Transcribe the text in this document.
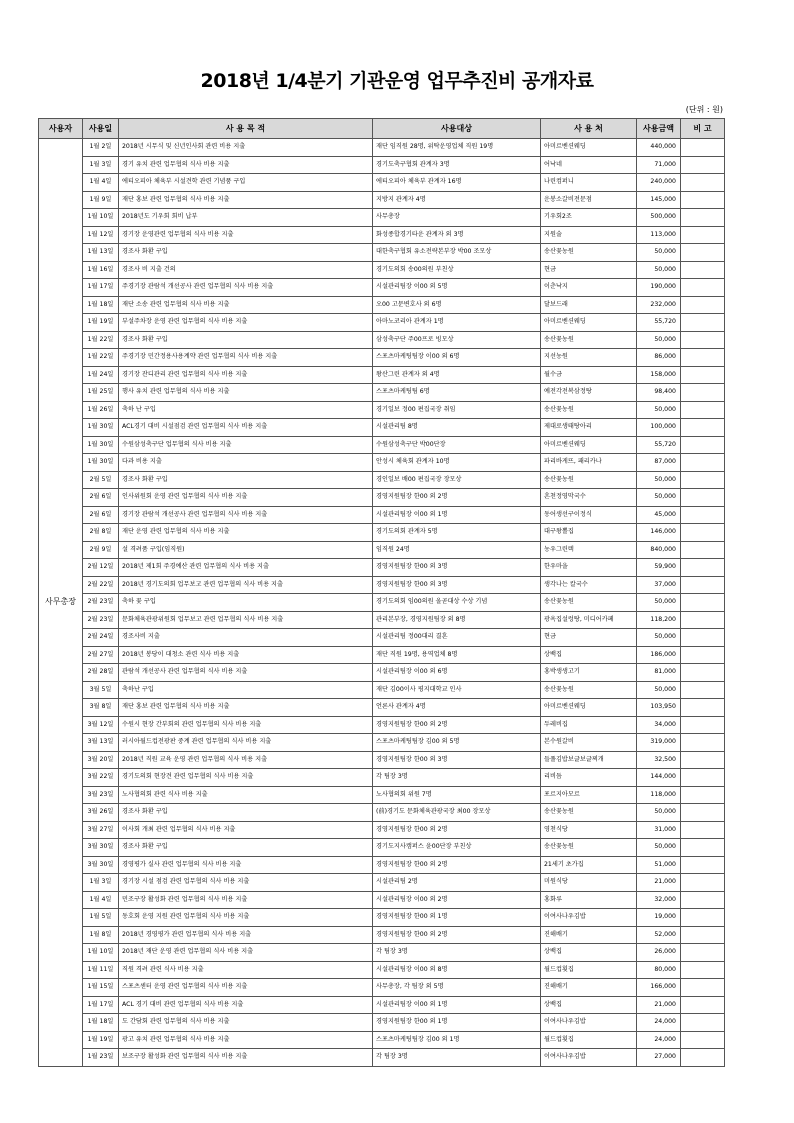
2018년 1/4분기 기관운영 업무추진비 공개자료
(단위 : 원)
사용자	사용일	사 용 목 적	사용대상	사 용 처	사용금액	비 고
사무총장	1월 2일	2018년 시무식 및 신년인사회 관련 비용 지출	재단 임직원 28명, 위탁운영업체 직원 19명	아미르벤션웨딩	440,000	
	1월 3일	경기 유치 관련 업무협의 식사 비용 지출	경기도축구협회 관계자 3명	어낙네	71,000	
	1월 4일	에티오피아 체육부 시설견학 관련 기념품 구입	에티오피아 체육부 관계자 16명	나린컴퍼니	240,000	
	1월 9일	재단 홍보 관련 업무협의 식사 비용 지출	지방지 관계자 4명	운봉소갈비전문점	145,000	
	1월 10일	2018년도 기우회 회비 납부	사무총장	기우회2조	500,000	
	1월 12일	경기장 운영관련 업무협의 식사 비용 지출	화성종합경기타운 관계자 외 3명	지원술	113,000	
	1월 13일	경조사 화환 구입	대한축구협회 유소전략본부장 박00 조모상	송산꽃농원	50,000	
	1월 16일	경조사 비 지출 건의	경기도의회 송00의원 부친상	현금	50,000	
	1월 17일	주경기장 관람석 개선공사 관련 업무협의 식사 비용 지출	시설관리팀장 이00 외 5명	이춘낙지	190,000	
	1월 18일	재단 소송 관련 업무협의 식사 비용 지출	오00 고문변호사 외 6명	달보드래	232,000	
	1월 19일	부설주차장 운영 관련 업무협의 식사 비용 지출	아마노코리아 관계자 1명	아미르벤션웨딩	55,720	
	1월 22일	경조사 화환 구입	삼성축구단 주00프로 빙모상	송산꽃농원	50,000	
	1월 22일	주경기장 민간정용사용계약 관련 업무협의 식사 비용 지출	스포츠마케팅팀장 이00 외 6명	지선농원	86,000	
	1월 24일	경기장 잔디관리 관련 업무협의 식사 비용 지출	왕산그린 관계자 외 4명	월수금	158,000	
	1월 25일	행사 유치 관련 업무협의 식사 비용 지출	스포츠마케팅팀 6명	예전각전복삼정탕	98,400	
	1월 26일	축하 난 구입	경기일보 정00 편집국장 취임	송산꽃농원	50,000	
	1월 30일	ACL경기 대비 시설점검 관련 업무협의 식사 비용 지출	시설관리팀 8명	제대로생태탕아리	100,000	
	1월 30일	수원삼성축구단 업무협의 식사 비용 지출	수원삼성축구단 박00단장	아미르벤션웨딩	55,720	
	1월 30일	다과 비용 지출	안성시 체육회 관계자 10명	파리바게뜨, 패리카나	87,000	
	2월 5일	경조사 화환 구입	경인일보 배00 편집국장 장모상	송산꽃농원	50,000	
	2월 6일	인사위원회 운영 관련 업무협의 식사 비용 지출	경영지원팀장 한00 외 2명	흔천정영막국수	50,000	
	2월 6일	경기장 관람석 개선공사 관련 업무협의 식사 비용 지출	시설관리팀장 이00 외 1명	동어생선구이정식	45,000	
	2월 8일	재단 운영 관련 업무협의 식사 비용 지출	경기도의회 관계자 5명	대구왕뽈집	146,000	
	2월 9일	설 격려품 구입(임직원)	임직원 24명	농우그린텍	840,000	
	2월 12일	2018년 제1회 주경예산 관련 업무협의 식사 비용 지출	경영지원팀장 한00 외 3명	한우마을	59,900	
	2월 22일	2018년 경기도의회 업무보고 관련 업무협의 식사 비용 지출	경영지원팀장 한00 외 3명	생각나는 칼국수	37,000	
	2월 23일	축하 꽃 구입	경기도의회 임00의원 올곧대상 수상 기념	송산꽃농원	50,000	
	2월 23일	문화체육관광위원회 업무보고 관련 업무협의 식사 비용 지출	관리본부장, 경영지원팀장 외 8명	광옥집설렁탕, 미디어카페	118,200	
	2월 24일	경조사비 지출	시설관리팀 정00대리 결혼	현금	50,000	
	2월 27일	2018년 봉당이 대청소 관련 식사 비용 지출	재단 직원 19명, 용역업체 8명	상백집	186,000	
	2월 28일	관람석 개선공사 관련 업무협의 식사 비용 지출	시설관리팀장 이00 외 6명	홍박생생고기	81,000	
	3월 5일	축하난 구입	재단 김00이사 평지대학교 인사	송산꽃농원	50,000	
	3월 8일	재단 홍보 관련 업무협의 식사 비용 지출	언론사 관계자 4명	아미르벤션웨딩	103,950	
	3월 12일	수원시 현장 간부회의 관련 업무협의 식사 비용 지출	경영지원팀장 한00 외 2명	두레비집	34,000	
	3월 13일	러시아월드컵전광판 중계 관련 업무협의 식사 비용 지출	스포츠마케팅팀장 김00 외 5명	본수원갈비	319,000	
	3월 20일	2018년 직원 교육 운영 관련 업무협의 식사 비용 지출	경영지원팀장 한00 외 3명	들풀김밥보글보글찌개	32,500	
	3월 22일	경기도의회 현장견 관련 업무협의 식사 비용 지출	각 팀장 3명	리비듬	144,000	
	3월 23일	노사협의회 관련 식사 비용 지출	노사협의회 위원 7명	포르지아모르	118,000	
	3월 26일	경조사 화환 구입	(前)경기도 문화체육관광국장 최00 장모상	송산꽃농원	50,000	
	3월 27일	이사회 개최 관련 업무협의 식사 비용 지출	경영지원팀장 한00 외 2명	영천식당	31,000	
	3월 30일	경조사 화환 구입	경기도지사캠퍼스 윤00단장 부친상	송산꽃농원	50,000	
	3월 30일	경영평가 실사 관련 업무협의 식사 비용 지출	경영지원팀장 한00 외 2명	21세기 초가집	51,000	
	1월 3일	경기장 시설 점검 관련 업무협의 식사 비용 지출	시설관리팀 2명	미원식당	21,000	
	1월 4일	민조구장 활성화 관련 업무협의 식사 비용 지출	시설관리팀장 이00 외 2명	홍화루	32,000	
	1월 5일	동호회 운영 지원 관련 업무협의 식사 비용 지출	경영지원팀장 한00 외 1명	이여사나우김밥	19,000	
	1월 8일	2018년 경영평가 관련 업무협의 식사 비용 지출	경영지원팀장 한00 외 2명	진해배기	52,000	
	1월 10일	2018년 재단 운영 관련 업무협의 식사 비용 지출	각 팀장 3명	상백집	26,000	
	1월 11일	직원 격려 관련 식사 비용 지출	시설관리팀장 이00 외 8명	월드컵횟집	80,000	
	1월 15일	스포츠센터 운영 관련 업무협의 식사 비용 지출	사무총장, 각 팀장 외 5명	진해배기	166,000	
	1월 17일	ACL 경기 대비 관련 업무협의 식사 비용 지출	시설관리팀장 이00 외 1명	상백집	21,000	
	1월 18일	도 간담회 관련 업무협의 식사 비용 지출	경영지원팀장 한00 외 1명	이여사나우김밥	24,000	
	1월 19일	광고 유치 관련 업무협의 식사 비용 지출	스포츠마케팅팀장 김00 외 1명	월드컵횟집	24,000	
	1월 23일	보조구장 활성화 관련 업무협의 식사 비용 지출	각 팀장 3명	이여사나우김밥	27,000	
